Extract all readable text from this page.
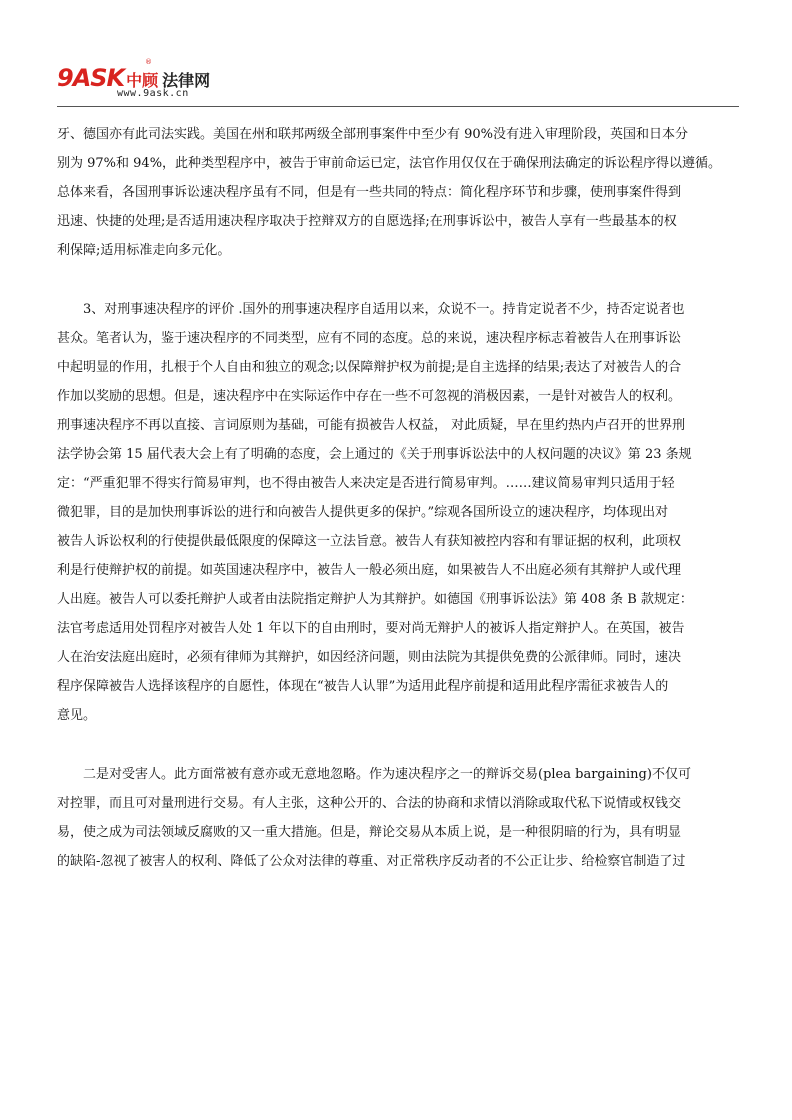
9ASK 中顾 法律网
®
www.9ask.cn
牙、德国亦有此司法实践。美国在州和联邦两级全部刑事案件中至少有 90%没有进入审理阶段，英国和日本分
别为 97%和 94%，此种类型程序中，被告于审前命运已定，法官作用仅仅在于确保刑法确定的诉讼程序得以遵循。
总体来看，各国刑事诉讼速决程序虽有不同，但是有一些共同的特点：简化程序环节和步骤，使刑事案件得到
迅速、快捷的处理;是否适用速决程序取决于控辩双方的自愿选择;在刑事诉讼中，被告人享有一些最基本的权
利保障;适用标准走向多元化。
3、对刑事速决程序的评价 .国外的刑事速决程序自适用以来，众说不一。持肯定说者不少，持否定说者也
甚众。笔者认为，鉴于速决程序的不同类型，应有不同的态度。总的来说，速决程序标志着被告人在刑事诉讼
中起明显的作用，扎根于个人自由和独立的观念;以保障辩护权为前提;是自主选择的结果;表达了对被告人的合
作加以奖励的思想。但是，速决程序中在实际运作中存在一些不可忽视的消极因素，一是针对被告人的权利。
刑事速决程序不再以直接、言词原则为基础，可能有损被告人权益， 对此质疑，早在里约热内卢召开的世界刑
法学协会第 15 届代表大会上有了明确的态度，会上通过的《关于刑事诉讼法中的人权问题的决议》第 23 条规
定：“严重犯罪不得实行简易审判，也不得由被告人来决定是否进行简易审判。……建议简易审判只适用于轻
微犯罪，目的是加快刑事诉讼的进行和向被告人提供更多的保护。”综观各国所设立的速决程序，均体现出对
被告人诉讼权利的行使提供最低限度的保障这一立法旨意。被告人有获知被控内容和有罪证据的权利，此项权
利是行使辩护权的前提。如英国速决程序中，被告人一般必须出庭，如果被告人不出庭必须有其辩护人或代理
人出庭。被告人可以委托辩护人或者由法院指定辩护人为其辩护。如德国《刑事诉讼法》第 408 条 B 款规定：
法官考虑适用处罚程序对被告人处 1 年以下的自由刑时，要对尚无辩护人的被诉人指定辩护人。在英国，被告
人在治安法庭出庭时，必须有律师为其辩护，如因经济问题，则由法院为其提供免费的公派律师。同时，速决
程序保障被告人选择该程序的自愿性，体现在“被告人认罪”为适用此程序前提和适用此程序需征求被告人的
意见。
二是对受害人。此方面常被有意亦或无意地忽略。作为速决程序之一的辩诉交易(plea bargaining)不仅可
对控罪，而且可对量刑进行交易。有人主张，这种公开的、合法的协商和求情以消除或取代私下说情或权钱交
易，使之成为司法领域反腐败的又一重大措施。但是，辩论交易从本质上说，是一种很阴暗的行为，具有明显
的缺陷-忽视了被害人的权利、降低了公众对法律的尊重、对正常秩序反动者的不公正让步、给检察官制造了过
